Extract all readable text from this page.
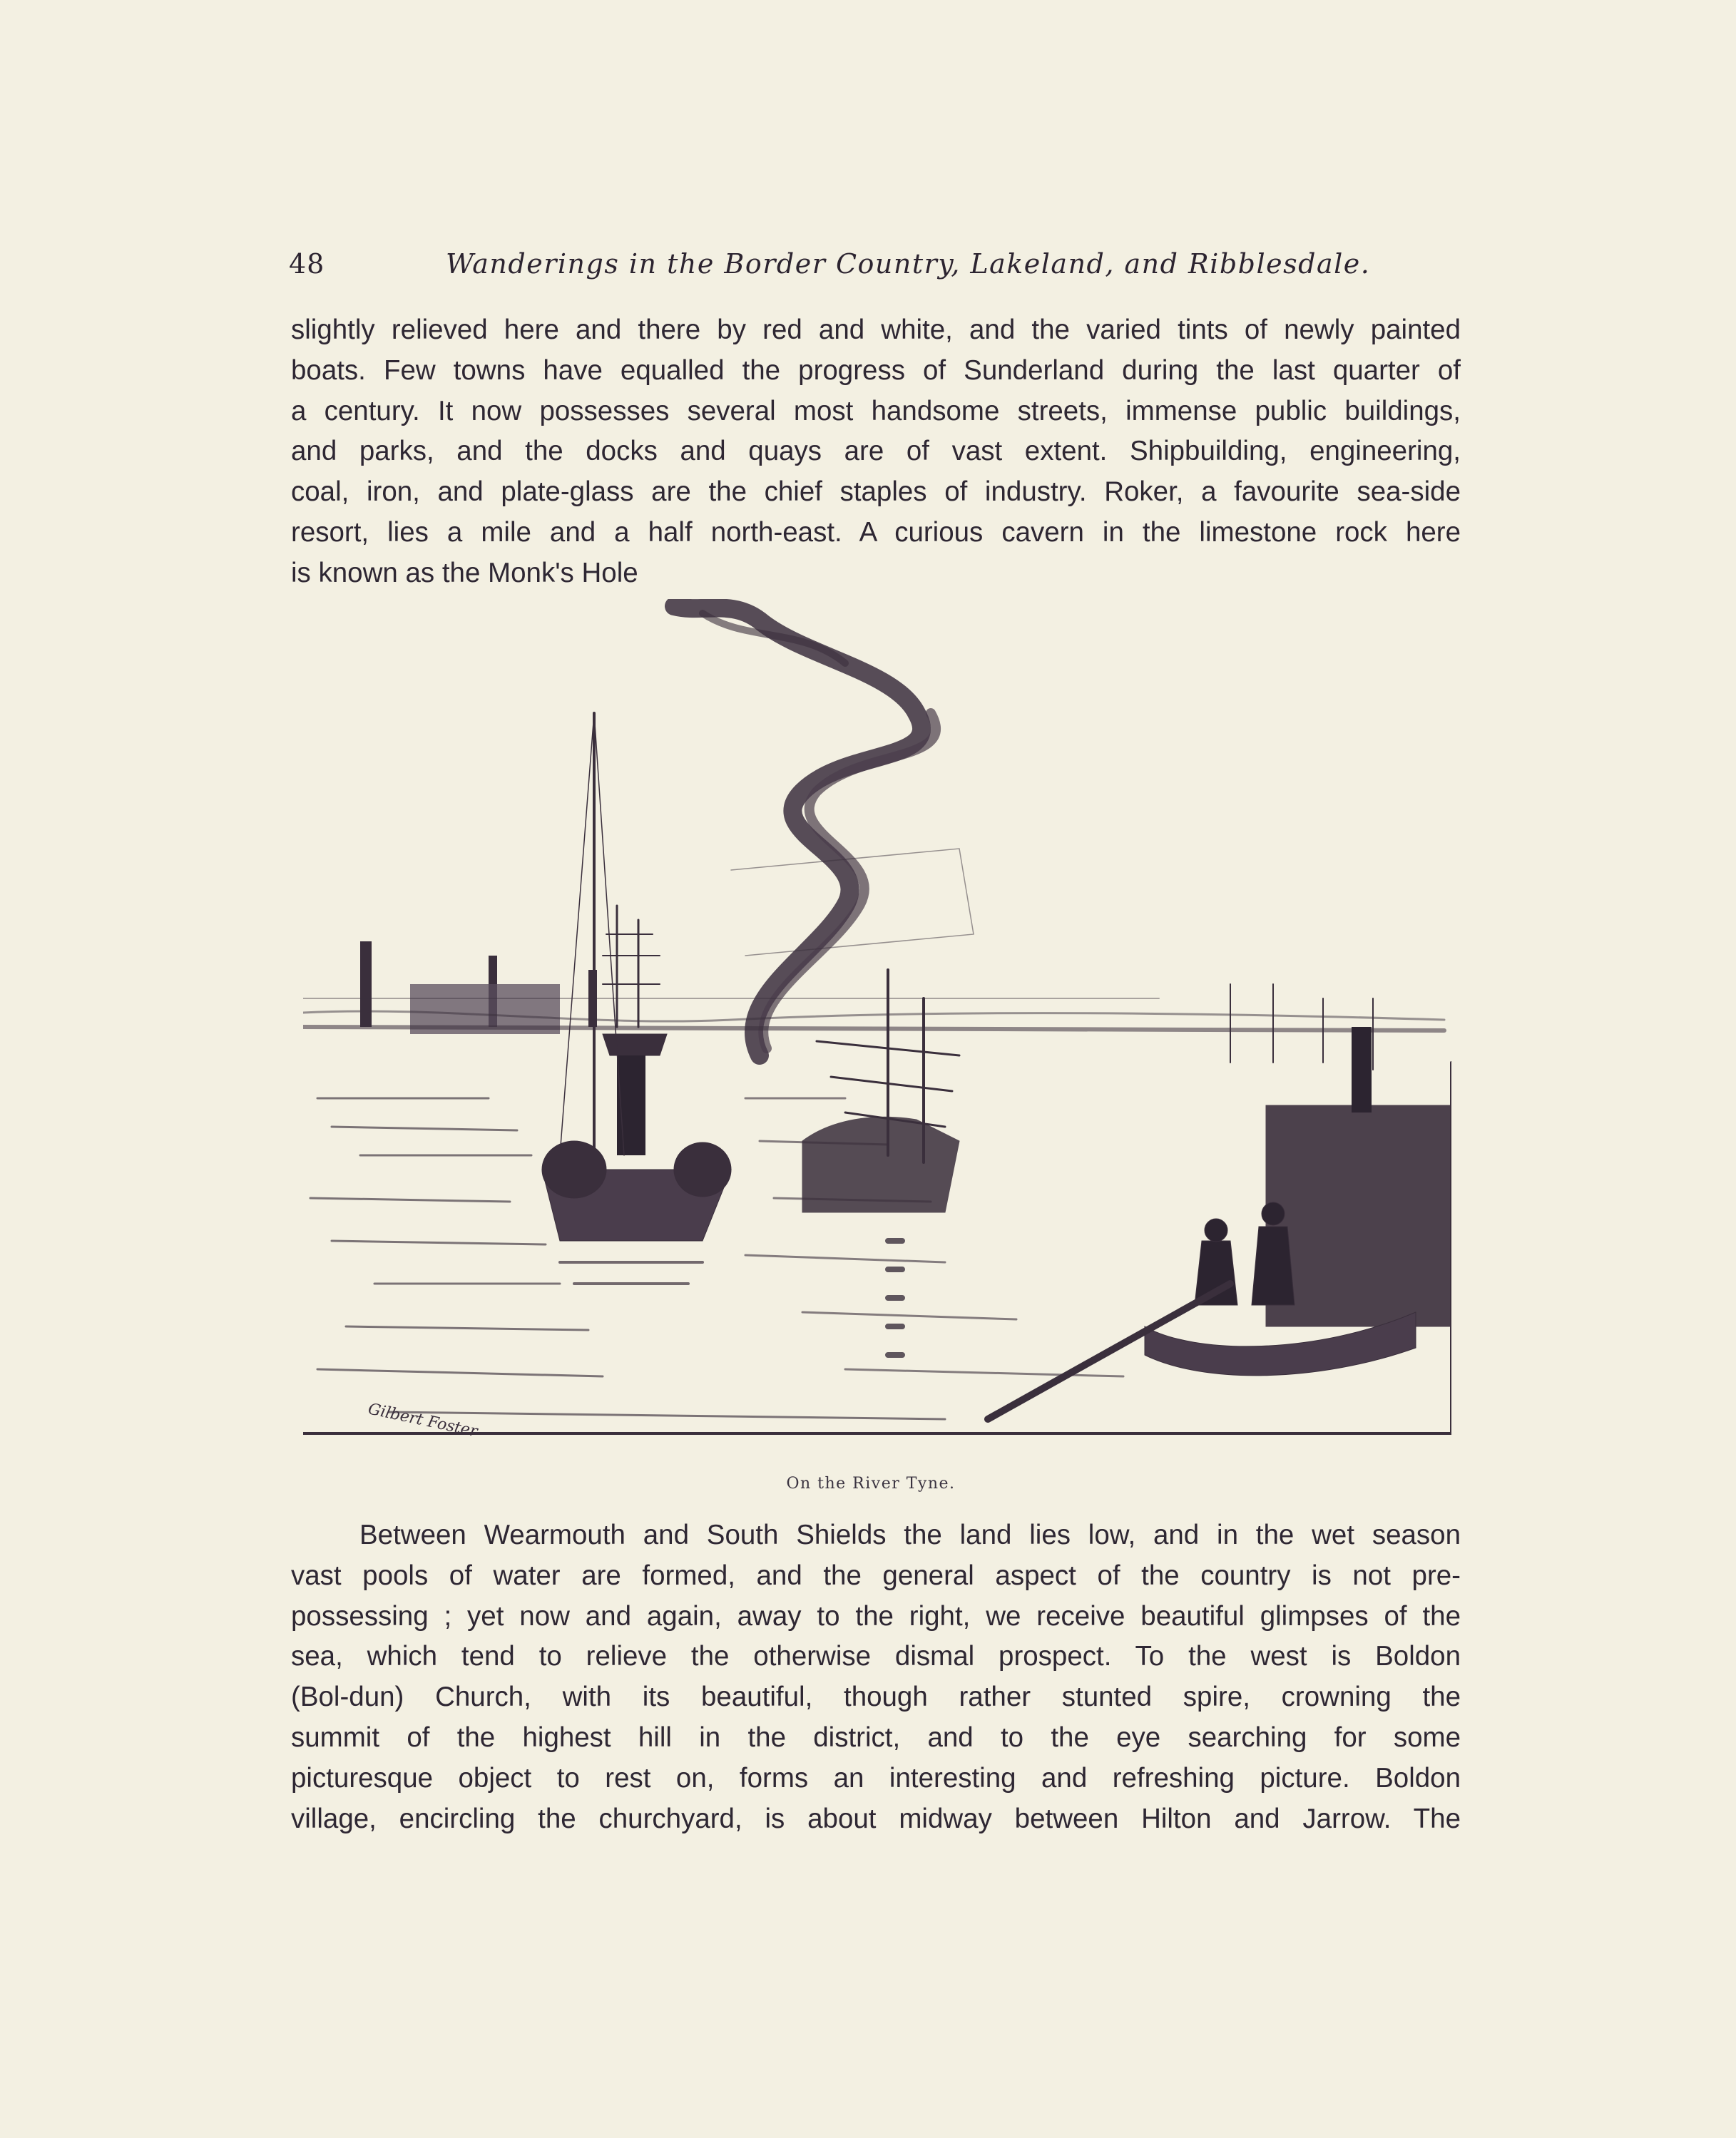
48	Wanderings in the Border Country, Lakeland, and Ribblesdale.
slightly relieved here and there by red and white, and the varied tints of newly painted
boats. Few towns have equalled the progress of Sunderland during the last quarter of
a century. It now possesses several most handsome streets, immense public buildings,
and parks, and the docks and quays are of vast extent. Shipbuilding, engineering,
coal, iron, and plate-glass are the chief staples of industry. Roker, a favourite sea-side
resort, lies a mile and a half north-east. A curious cavern in the limestone rock here
is known as the Monk's Hole
Gilbert Foster
On the River Tyne.
Between Wearmouth and South Shields the land lies low, and in the wet season
vast pools of water are formed, and the general aspect of the country is not pre-
possessing ; yet now and again, away to the right, we receive beautiful glimpses of the
sea, which tend to relieve the otherwise dismal prospect. To the west is Boldon
(Bol-dun) Church, with its beautiful, though rather stunted spire, crowning the
summit of the highest hill in the district, and to the eye searching for some
picturesque object to rest on, forms an interesting and refreshing picture. Boldon
village, encircling the churchyard, is about midway between Hilton and Jarrow. The
